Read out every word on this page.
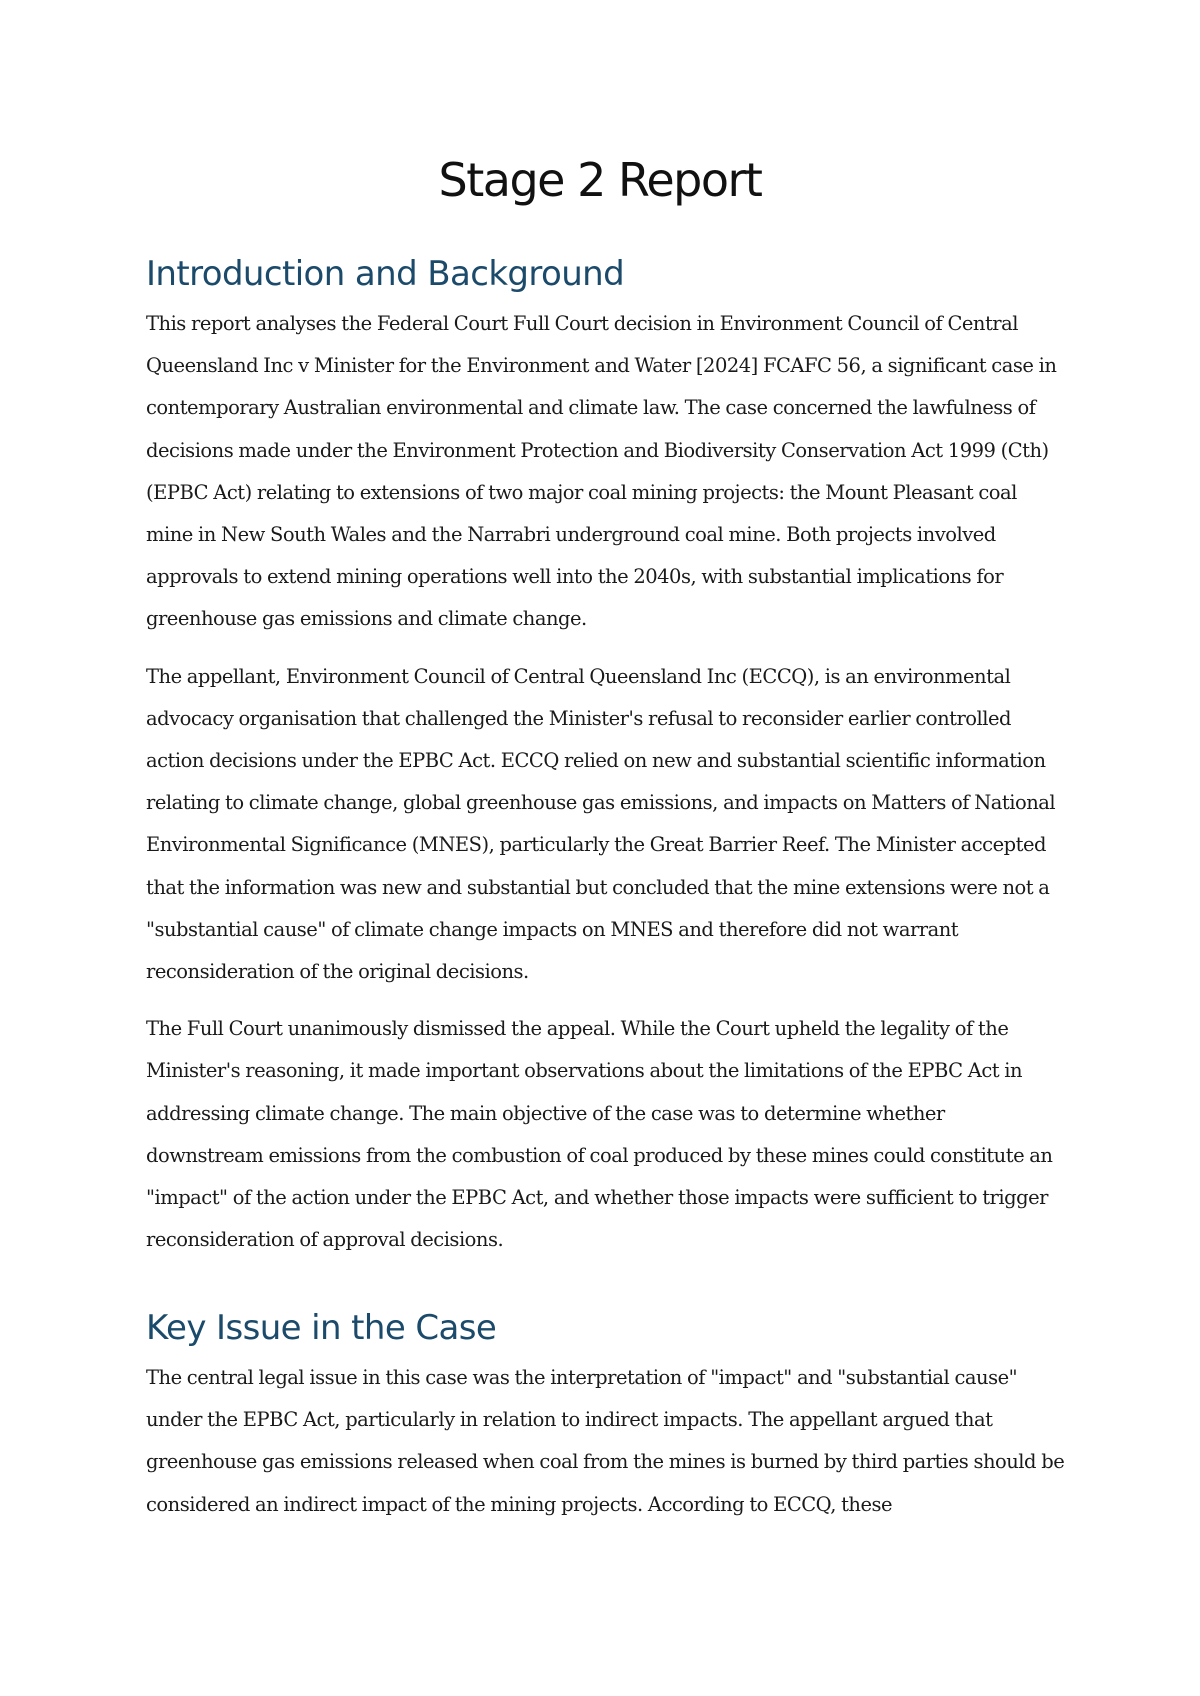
Stage 2 Report
Introduction and Background

This report analyses the Federal Court Full Court decision in Environment Council of Central Queensland Inc v Minister for the Environment and Water [2024] FCAFC 56, a significant case in contemporary Australian environmental and climate law. The case concerned the lawfulness of decisions made under the Environment Protection and Biodiversity Conservation Act 1999 (Cth) (EPBC Act) relating to extensions of two major coal mining projects: the Mount Pleasant coal mine in New South Wales and the Narrabri underground coal mine. Both projects involved approvals to extend mining operations well into the 2040s, with substantial implications for greenhouse gas emissions and climate change.

The appellant, Environment Council of Central Queensland Inc (ECCQ), is an environmental advocacy organisation that challenged the Minister's refusal to reconsider earlier controlled action decisions under the EPBC Act. ECCQ relied on new and substantial scientific information relating to climate change, global greenhouse gas emissions, and impacts on Matters of National Environmental Significance (MNES), particularly the Great Barrier Reef. The Minister accepted that the information was new and substantial but concluded that the mine extensions were not a "substantial cause" of climate change impacts on MNES and therefore did not warrant reconsideration of the original decisions.

The Full Court unanimously dismissed the appeal. While the Court upheld the legality of the Minister's reasoning, it made important observations about the limitations of the EPBC Act in addressing climate change. The main objective of the case was to determine whether downstream emissions from the combustion of coal produced by these mines could constitute an "impact" of the action under the EPBC Act, and whether those impacts were sufficient to trigger reconsideration of approval decisions.

Key Issue in the Case

The central legal issue in this case was the interpretation of "impact" and "substantial cause" under the EPBC Act, particularly in relation to indirect impacts. The appellant argued that greenhouse gas emissions released when coal from the mines is burned by third parties should be considered an indirect impact of the mining projects. According to ECCQ, these
